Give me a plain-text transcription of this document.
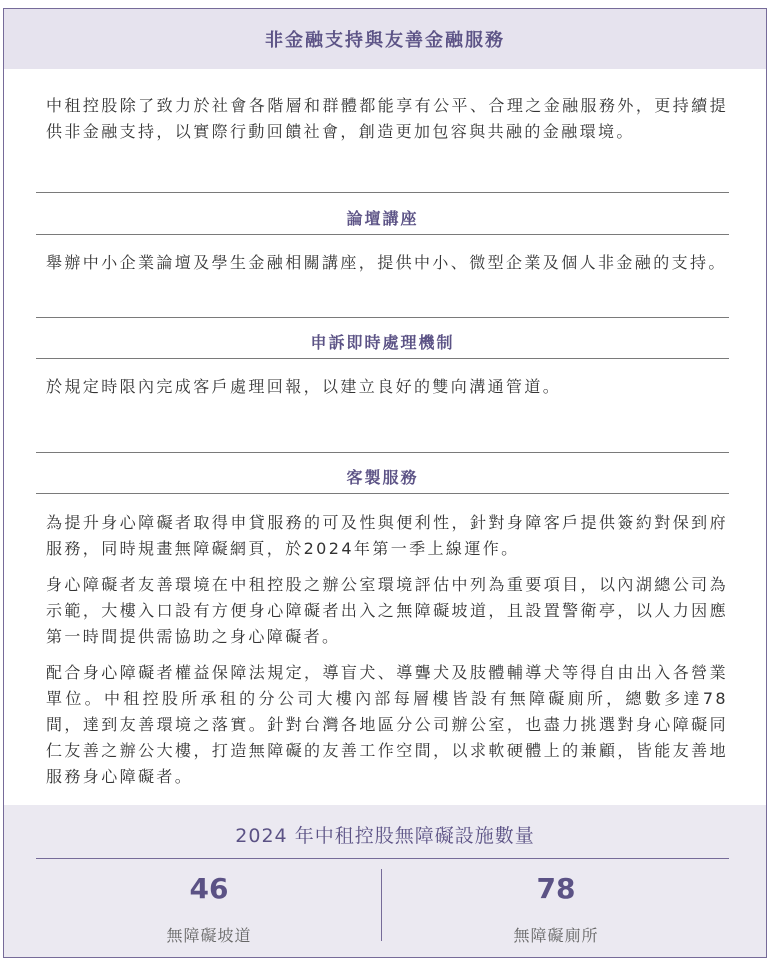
非金融支持與友善金融服務

中租控股除了致力於社會各階層和群體都能享有公平、合理之金融服務外，更持續提供非金融支持，以實際行動回饋社會，創造更加包容與共融的金融環境。

論壇講座

舉辦中小企業論壇及學生金融相關講座，提供中小、微型企業及個人非金融的支持。

申訴即時處理機制

於規定時限內完成客戶處理回報，以建立良好的雙向溝通管道。

客製服務

為提升身心障礙者取得申貸服務的可及性與便利性，針對身障客戶提供簽約對保到府服務，同時規畫無障礙網頁，於2024年第一季上線運作。

身心障礙者友善環境在中租控股之辦公室環境評估中列為重要項目，以內湖總公司為示範，大樓入口設有方便身心障礙者出入之無障礙坡道，且設置警衛亭，以人力因應第一時間提供需協助之身心障礙者。

配合身心障礙者權益保障法規定，導盲犬、導聾犬及肢體輔導犬等得自由出入各營業單位。中租控股所承租的分公司大樓內部每層樓皆設有無障礙廁所，總數多達78間，達到友善環境之落實。針對台灣各地區分公司辦公室，也盡力挑選對身心障礙同仁友善之辦公大樓，打造無障礙的友善工作空間，以求軟硬體上的兼顧，皆能友善地服務身心障礙者。

2024 年中租控股無障礙設施數量
46
無障礙坡道
78
無障礙廁所
